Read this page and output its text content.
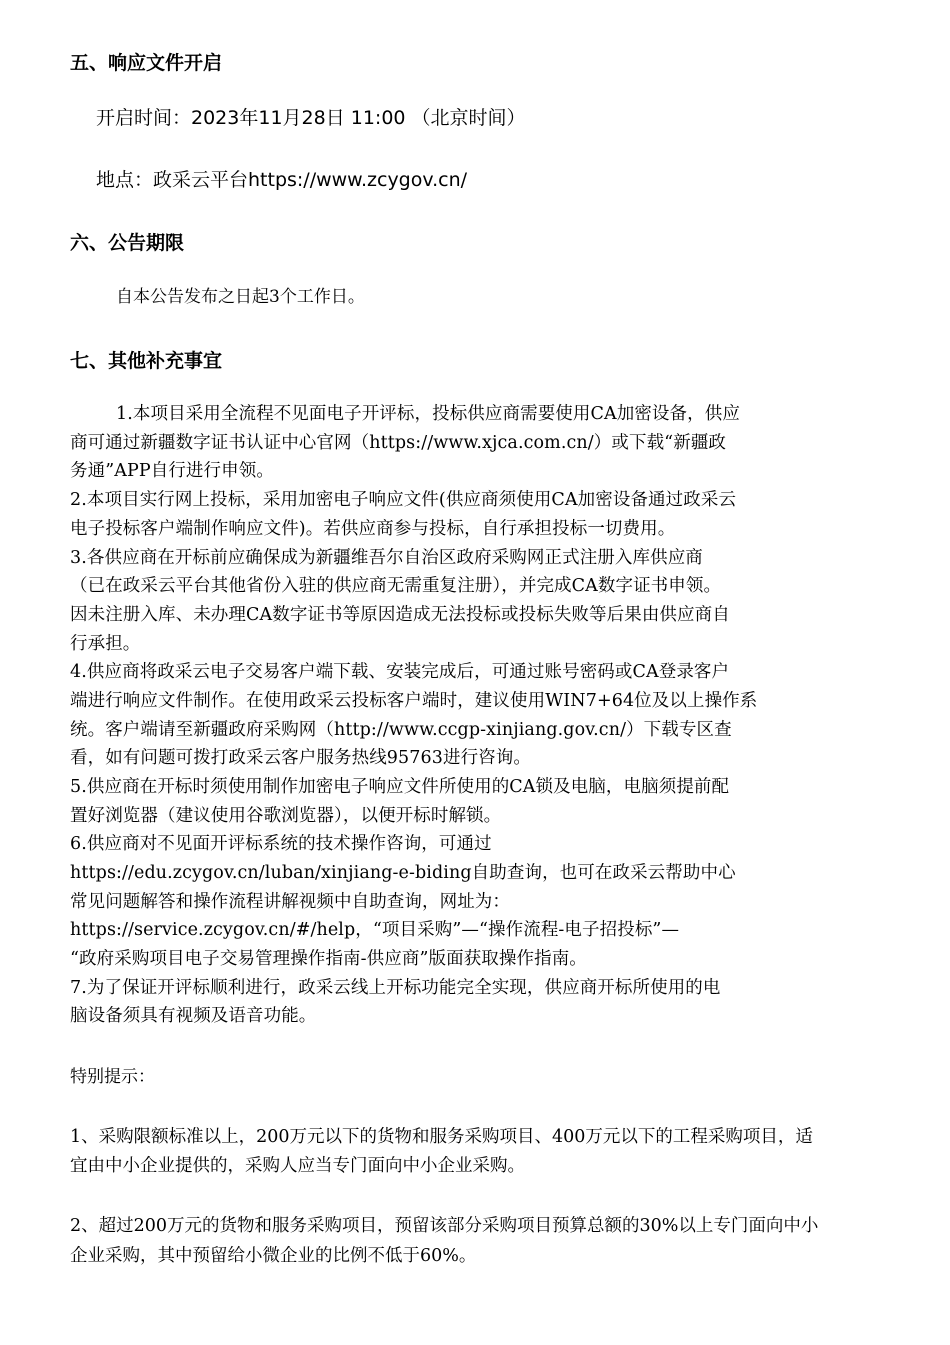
五、响应文件开启
开启时间：2023年11月28日 11:00 （北京时间）
地点：政采云平台https://www.zcygov.cn/
六、公告期限
自本公告发布之日起3个工作日。
七、其他补充事宜
1.本项目采用全流程不见面电子开评标，投标供应商需要使用CA加密设备，供应
商可通过新疆数字证书认证中心官网（https://www.xjca.com.cn/）或下载“新疆政
务通”APP自行进行申领。
2.本项目实行网上投标，采用加密电子响应文件(供应商须使用CA加密设备通过政采云
电子投标客户端制作响应文件)。若供应商参与投标，自行承担投标一切费用。
3.各供应商在开标前应确保成为新疆维吾尔自治区政府采购网正式注册入库供应商
（已在政采云平台其他省份入驻的供应商无需重复注册），并完成CA数字证书申领。
因未注册入库、未办理CA数字证书等原因造成无法投标或投标失败等后果由供应商自
行承担。
4.供应商将政采云电子交易客户端下载、安装完成后，可通过账号密码或CA登录客户
端进行响应文件制作。在使用政采云投标客户端时，建议使用WIN7+64位及以上操作系
统。客户端请至新疆政府采购网（http://www.ccgp-xinjiang.gov.cn/）下载专区查
看，如有问题可拨打政采云客户服务热线95763进行咨询。
5.供应商在开标时须使用制作加密电子响应文件所使用的CA锁及电脑，电脑须提前配
置好浏览器（建议使用谷歌浏览器），以便开标时解锁。
6.供应商对不见面开评标系统的技术操作咨询，可通过
https://edu.zcygov.cn/luban/xinjiang-e-biding自助查询，也可在政采云帮助中心
常见问题解答和操作流程讲解视频中自助查询，网址为：
https://service.zcygov.cn/#/help，“项目采购”—“操作流程-电子招投标”—
“政府采购项目电子交易管理操作指南-供应商”版面获取操作指南。
7.为了保证开评标顺利进行，政采云线上开标功能完全实现，供应商开标所使用的电
脑设备须具有视频及语音功能。
特别提示：
1、采购限额标准以上，200万元以下的货物和服务采购项目、400万元以下的工程采购项目，适
宜由中小企业提供的，采购人应当专门面向中小企业采购。
2、超过200万元的货物和服务采购项目，预留该部分采购项目预算总额的30%以上专门面向中小
企业采购，其中预留给小微企业的比例不低于60%。
